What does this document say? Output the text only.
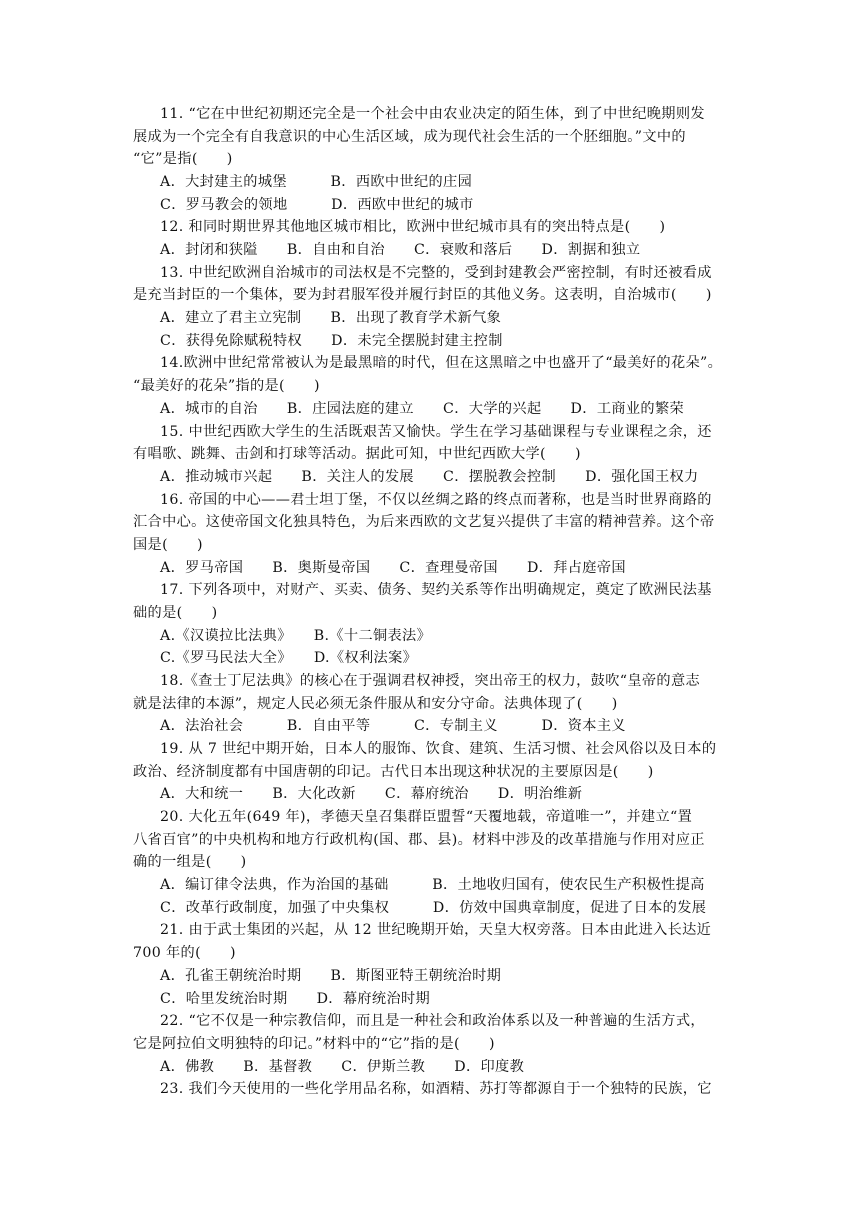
11. “它在中世纪初期还完全是一个社会中由农业决定的陌生体，到了中世纪晚期则发
展成为一个完全有自我意识的中心生活区域，成为现代社会生活的一个胚细胞。”文中的
“它”是指(　　)
A．大封建主的城堡　　　B．西欧中世纪的庄园
C．罗马教会的领地　　　D．西欧中世纪的城市
12. 和同时期世界其他地区城市相比，欧洲中世纪城市具有的突出特点是(　　)
A．封闭和狭隘　　B．自由和自治　　C．衰败和落后　　D．割据和独立
13. 中世纪欧洲自治城市的司法权是不完整的，受到封建教会严密控制，有时还被看成
是充当封臣的一个集体，要为封君服军役并履行封臣的其他义务。这表明，自治城市(　　)
A．建立了君主立宪制　　B．出现了教育学术新气象
C．获得免除赋税特权　　D．未完全摆脱封建主控制
14.欧洲中世纪常常被认为是最黑暗的时代，但在这黑暗之中也盛开了“最美好的花朵”。
“最美好的花朵”指的是(　　)
A．城市的自治　　B．庄园法庭的建立　　C．大学的兴起　　D．工商业的繁荣
15. 中世纪西欧大学生的生活既艰苦又愉快。学生在学习基础课程与专业课程之余，还
有唱歌、跳舞、击剑和打球等活动。据此可知，中世纪西欧大学(　　)
A．推动城市兴起　　B．关注人的发展　　C．摆脱教会控制　　D．强化国王权力
16. 帝国的中心——君士坦丁堡，不仅以丝绸之路的终点而著称，也是当时世界商路的
汇合中心。这使帝国文化独具特色，为后来西欧的文艺复兴提供了丰富的精神营养。这个帝
国是(　　)
A．罗马帝国　　B．奥斯曼帝国　　C．查理曼帝国　　D．拜占庭帝国
17. 下列各项中，对财产、买卖、债务、契约关系等作出明确规定，奠定了欧洲民法基
础的是(　　)
A.《汉谟拉比法典》　　B.《十二铜表法》
C.《罗马民法大全》　　D.《权利法案》
18.《查士丁尼法典》的核心在于强调君权神授，突出帝王的权力，鼓吹“皇帝的意志
就是法律的本源”，规定人民必须无条件服从和安分守命。法典体现了(　　)
A．法治社会　　　B．自由平等　　　C．专制主义　　　D．资本主义
19. 从 7 世纪中期开始，日本人的服饰、饮食、建筑、生活习惯、社会风俗以及日本的
政治、经济制度都有中国唐朝的印记。古代日本出现这种状况的主要原因是(　　)
A．大和统一　　B．大化改新　　C．幕府统治　　D．明治维新
20. 大化五年(649 年)，孝德天皇召集群臣盟誓“天覆地载，帝道唯一”，并建立“置
八省百官”的中央机构和地方行政机构(国、郡、县)。材料中涉及的改革措施与作用对应正
确的一组是(　　)
A．编订律令法典，作为治国的基础　　　B．土地收归国有，使农民生产积极性提高
C．改革行政制度，加强了中央集权　　　D．仿效中国典章制度，促进了日本的发展
21. 由于武士集团的兴起，从 12 世纪晚期开始，天皇大权旁落。日本由此进入长达近
700 年的(　　)
A．孔雀王朝统治时期　　B．斯图亚特王朝统治时期
C．哈里发统治时期　　D．幕府统治时期
22. “它不仅是一种宗教信仰，而且是一种社会和政治体系以及一种普遍的生活方式，
它是阿拉伯文明独特的印记。”材料中的“它”指的是(　　)
A．佛教　　B．基督教　　C．伊斯兰教　　D．印度教
23. 我们今天使用的一些化学用品名称，如酒精、苏打等都源自于一个独特的民族，它
